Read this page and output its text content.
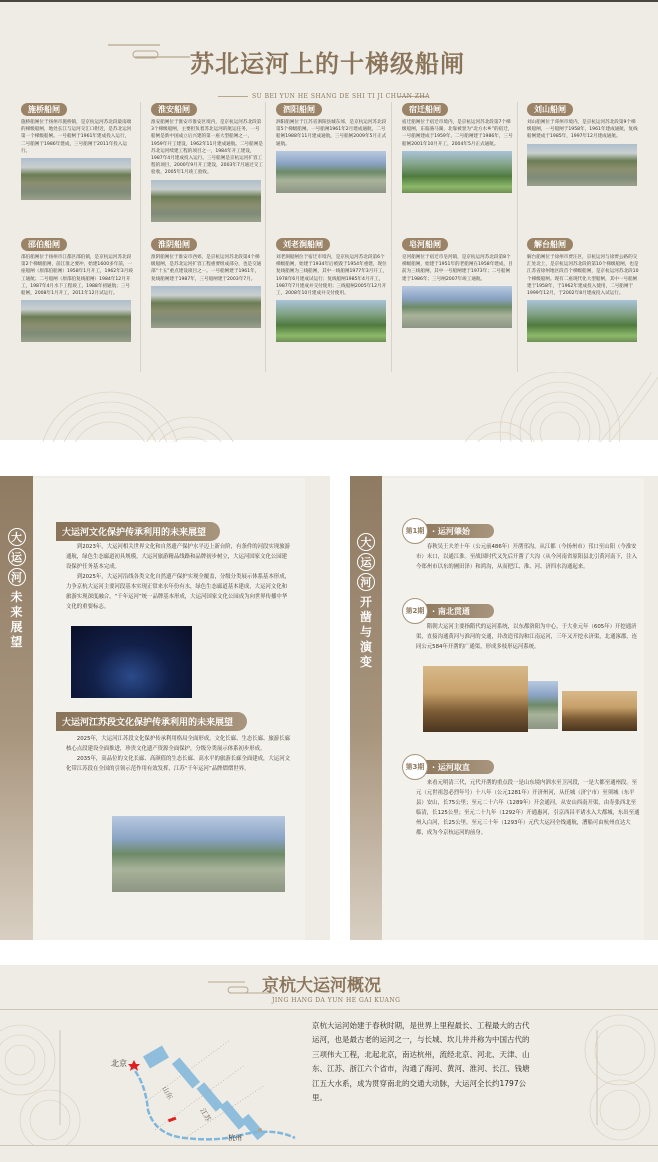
苏北运河上的十梯级船闸
SU BEI YUN HE SHANG DE SHI TI JI CHUAN ZHA
施桥船闸
施桥船闸位于扬州市施桥镇，是京杭运河苏北段最南端的梯级船闸，地处长江与运河交汇口附近，是苏北运河第一个梯级船闸。一号船闸于1961年建成投入运行，二号船闸于1986年建成，三号船闸于2011年投入运行。
淮安船闸
淮安船闸位于淮安市淮安区境内，是京杭运河苏北段第3个梯级船闸，主要担负着苏北运河的航运任务，一号船闸是新中国成立后兴建的第一座大型船闸之一，1959年开工建设，1962年11月建成通航。二号船闸是苏北运河续建工程的项目之一，1984年开工建设，1987年4月建成投入运行。三号船闸是京杭运河扩容工程的项目，2000年9月开工建设，2003年7月通过交工验收，2005年1月竣工验收。
泗阳船闸
泗阳船闸位于江苏省泗阳县城东郊，是京杭运河苏北段第5个梯级船闸。一号船闸1961年2月建成通航，二号船闸1988年11月建成通航，三号船闸2009年5月正式通航。
宿迁船闸
宿迁船闸位于宿迁市境内，是京杭运河苏北段第7个梯级船闸，东临骆马湖，北靠被誉为“北方水乡”的宿迁，一号船闸建成于1959年，二号船闸建于1986年，三号船闸2001年10月开工，2004年5月正式通航。
刘山船闸
刘山船闸位于邳州市境内，是京杭运河苏北段第9个梯级船闸，一号船闸于1958年，1961年建成通航，复线船闸建成于1985年，1997年12月建成通航。
邵伯船闸
邵伯船闸位于扬州市江都区邵伯镇，是京杭运河苏北段第2个梯级船闸，前江淮之要冲，始建1600多年前，一座船闸（原邵伯船闸）1958年1月开工，1962年3月竣工通航；二号船闸（原邵伯复线船闸）1984年12月开工，1987年4月水下工程竣工，1988年初通航；三号船闸，2008年1月开工，2011年12月试运行。
淮阴船闸
淮阴船闸位于淮安市西郊，是京杭运河苏北段第4个梯级船闸，是苏北运河扩容工程重要组成部分，也是交通部“十五”重点建设项目之一。一号船闸建于1961年，复线船闸建于1987年，三号船闸建于2003年7月。
刘老涧船闸
刘老涧船闸位于宿迁市境内，是京杭运河苏北段第6个梯级船闸，始建于1934年后被毁于1954年重建，现位复线船闸为三线船闸，其中一线船闸1977年3月开工，1978年6月建成试运行；复线船闸1985年4月开工，1987年7月建成并交付使用；三线船闸2005年12月开工，2008年10月建成并交付使用。
皂河船闸
皂河船闸位于宿迁市皂河镇，是京杭运河苏北段第8个梯级船闸，始建于1951年的老船闸在1958年建成，目前为三线船闸，其中一号船闸建于1973年；二号船闸建于1986年；三号闸2007年竣工通航。
解台船闸
解台船闸位于徐州市贾汪区，京杭运河与徐贾公路的交汇处北上，是京杭运河苏北段的第10个梯级船闸，也是江苏省徐州地区段首个梯级船闸，是京杭运河苏北段10个梯级船闸。现有二座现代化大型船闸，其中一号船闸建于1958年，于1962年建成投入使用，二号船闸于1999年12月，于2002年8月建成投入试运行。
大
运
河
未来展望
大运河文化保护传承利用的未来展望
到2023年，大运河相关世界文化和自然遗产保护水平迈上新台阶，有条件的河段实现旅游通航，绿色生态廊道初具规模，大运河旅游精品线路和品牌初步树立，大运河国家文化公园建设保护任务基本完成。
到2025年，大运河沿线各类文化自然遗产保护实现全覆盖，分级分类展示体系基本形成，力争京杭大运河主要河段基本实现正常来水年份有水，绿色生态廊道基本建成，大运河文化和旅游实现深度融合，“千年运河”统一品牌基本形成，大运河国家文化公园成为向世界传播中华文化的重要标志。
大运河江苏段文化保护传承利用的未来展望
2025年，大运河江苏段文化保护传承利用格局全面形成，文化长廊、生态长廊、旅游长廊核心点段建设全面推进，珍贵文化遗产资源全面保护，分级分类展示体系初步形成。
2035年，高品位的文化长廊、高颜值的生态长廊、高水平的旅游长廊全面建成，大运河文化带江苏段在全国的引领示范作用有效发挥，江苏“千年运河”品牌熠熠世界。
大
运
河
开凿与演变
第1期 · 运河肇始
春秋吴王夫差十年（公元前486年）开凿邗沟，从江都（今扬州市）邗口至山阳（今淮安市）末口，以通江淮。至战国时代又先后开凿了大沟（从今河南省原阳县北引黄河南下，注入今郑州市以东的圃田泽）和鸿沟，从而把江、淮、河、济四水沟通起来。
第2期 · 南北贯通
隋朝大运河主要指隋代的运河系统，以东都洛阳为中心，于大业元年（605年）开挖通济渠，直接沟通黄河与淮河的交通，并改造邗沟和江南运河，三年又开挖永济渠，北通涿郡，连同公元584年开凿的广通渠，形成多枝形运河系统。
第3期 · 运河取直
来看元明清三代，元代开凿的重点段一是山东境内泗水至卫河段，一是大都至通州段。至元（元世祖忽必烈年号）十八年（公元1281年）开济州河，从任城（济宁市）至须城（东平县）安山，长75公里；至元二十六年（1289年）开会通河，从安山西南开渠，由寿张西北至临清，长125公里；至元二十九年（1292年）开通惠河，引京西昌平诸水入大都城，东出至通州入白河，长25公里。至元三十年（1293年）元代大运河全线通航，漕船可由杭州直达大都，成为今京杭运河的前身。
京杭大运河概况
JING HANG DA YUN HE GAI KUANG
北京
山东
江苏
杭州
京杭大运河始建于春秋时期，是世界上里程最长、工程最大的古代运河，也是最古老的运河之一，与长城、坎儿井并称为中国古代的三项伟大工程，北起北京，南达杭州，流经北京、河北、天津、山东、江苏、浙江六个省市，沟通了海河、黄河、淮河、长江、钱塘江五大水系，成为贯穿南北的交通大动脉，大运河全长约1797公里。
